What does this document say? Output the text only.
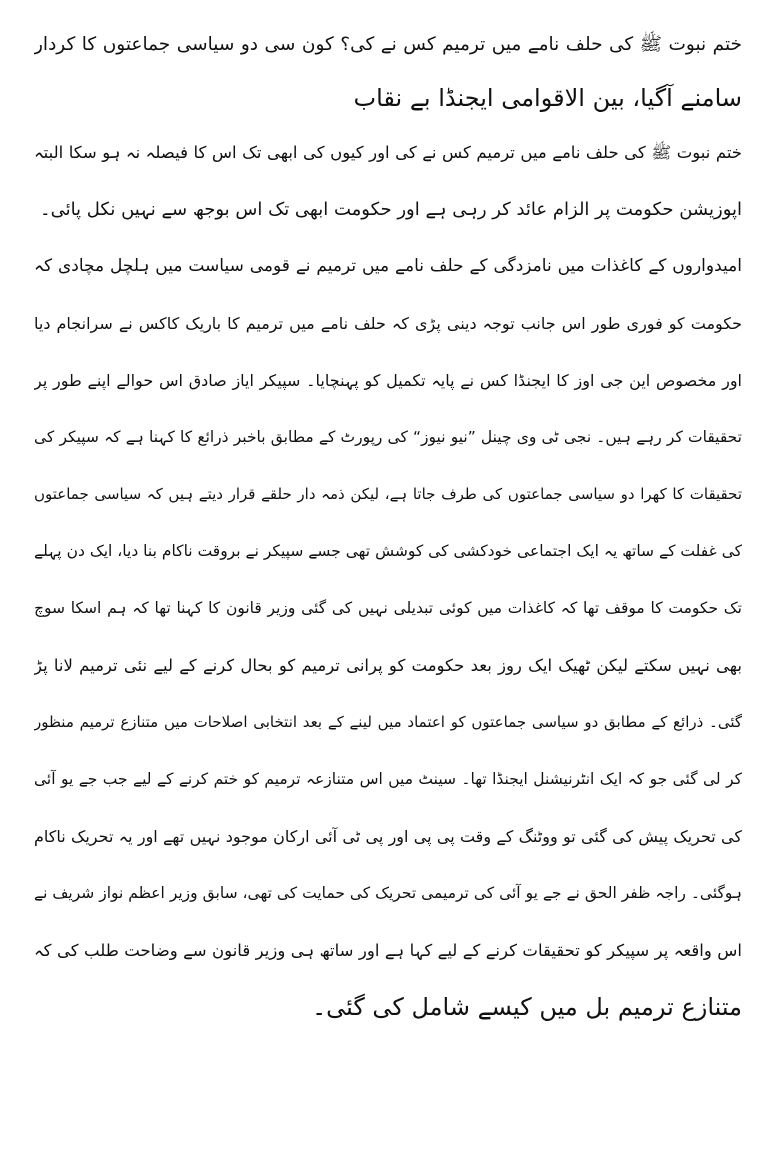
ختم نبوت ﷺ کی حلف نامے میں ترمیم کس نے کی؟ کون سی دو سیاسی جماعتوں کا کردار
سامنے آگیا، بین الاقوامی ایجنڈا بے نقاب
ختم نبوت ﷺ کی حلف نامے میں ترمیم کس نے کی اور کیوں کی ابھی تک اس کا فیصلہ نہ ہو سکا البتہ
اپوزیشن حکومت پر الزام عائد کر رہی ہے اور حکومت ابھی تک اس بوجھ سے نہیں نکل پائی۔
امیدواروں کے کاغذات میں نامزدگی کے حلف نامے میں ترمیم نے قومی سیاست میں ہلچل مچادی کہ
حکومت کو فوری طور اس جانب توجہ دینی پڑی کہ حلف نامے میں ترمیم کا باریک کاکس نے سرانجام دیا
اور مخصوص این جی اوز کا ایجنڈا کس نے پایہ تکمیل کو پہنچایا۔ سپیکر ایاز صادق اس حوالے اپنے طور پر
تحقیقات کر رہے ہیں۔ نجی ٹی وی چینل ”نیو نیوز“ کی رپورٹ کے مطابق باخبر ذرائع کا کہنا ہے کہ سپیکر کی
تحقیقات کا کھرا دو سیاسی جماعتوں کی طرف جاتا ہے، لیکن ذمہ دار حلقے قرار دیتے ہیں کہ سیاسی جماعتوں
کی غفلت کے ساتھ یہ ایک اجتماعی خودکشی کی کوشش تھی جسے سپیکر نے بروقت ناکام بنا دیا، ایک دن پہلے
تک حکومت کا موقف تھا کہ کاغذات میں کوئی تبدیلی نہیں کی گئی وزیر قانون کا کہنا تھا کہ ہم اسکا سوچ
بھی نہیں سکتے لیکن ٹھیک ایک روز بعد حکومت کو پرانی ترمیم کو بحال کرنے کے لیے نئی ترمیم لانا پڑ
گئی۔ ذرائع کے مطابق دو سیاسی جماعتوں کو اعتماد میں لینے کے بعد انتخابی اصلاحات میں متنازع ترمیم منظور
کر لی گئی جو کہ ایک انٹرنیشنل ایجنڈا تھا۔ سینٹ میں اس متنازعہ ترمیم کو ختم کرنے کے لیے جب جے یو آئی
کی تحریک پیش کی گئی تو ووٹنگ کے وقت پی پی اور پی ٹی آئی ارکان موجود نہیں تھے اور یہ تحریک ناکام
ہوگئی۔ راجہ ظفر الحق نے جے یو آئی کی ترمیمی تحریک کی حمایت کی تھی، سابق وزیر اعظم نواز شریف نے
اس واقعہ پر سپیکر کو تحقیقات کرنے کے لیے کہا ہے اور ساتھ ہی وزیر قانون سے وضاحت طلب کی کہ
متنازع ترمیم بل میں کیسے شامل کی گئی۔
